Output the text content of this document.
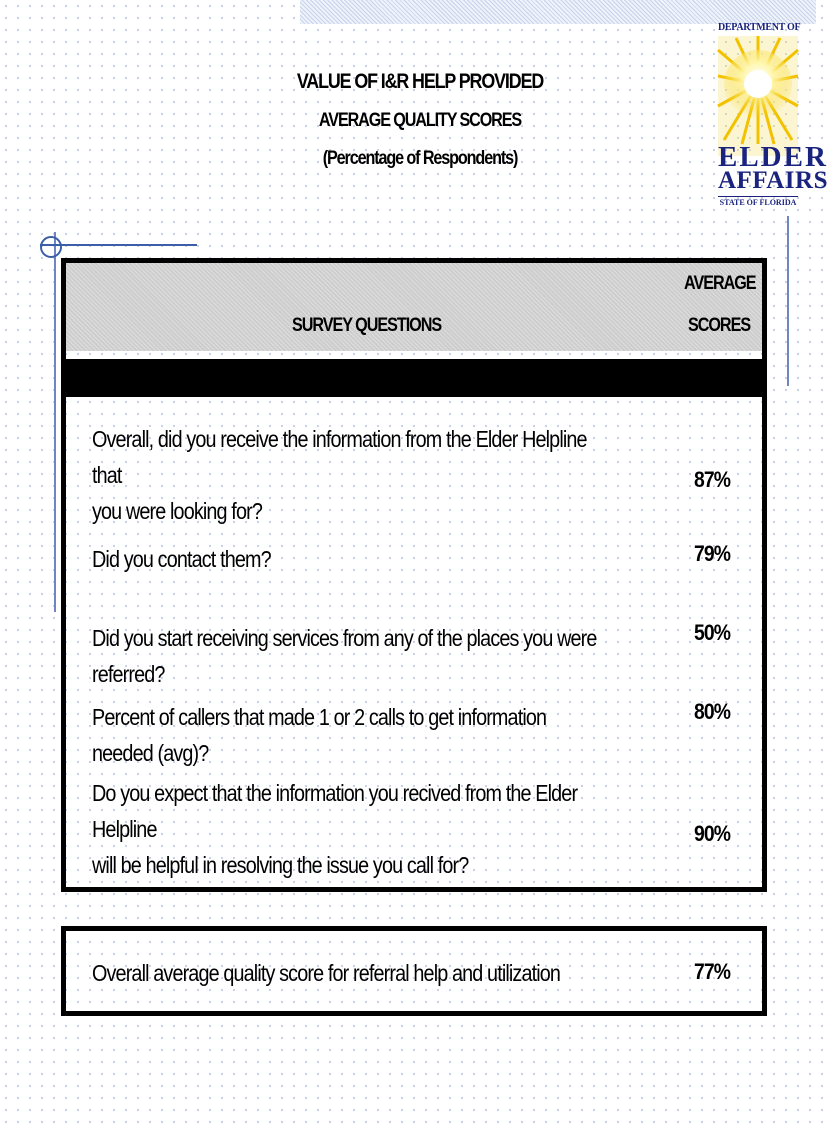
DEPARTMENT OF
ELDER
AFFAIRS
STATE OF FLORIDA
VALUE OF I&R HELP PROVIDED
AVERAGE QUALITY SCORES
(Percentage of Respondents)
SURVEY QUESTIONS
AVERAGE
SCORES
Overall, did you receive the information from the Elder Helpline that
you were looking for?
87%
Did you contact them?	79%
Did you start receiving services from any of the places you were referred?
50%
Percent of callers that made 1 or 2 calls to get information needed (avg)?
80%
Do you expect that the information you recived from the Elder Helpline
will be helpful in resolving the issue you call for?
90%
Overall average quality score for referral help and utilization	77%
